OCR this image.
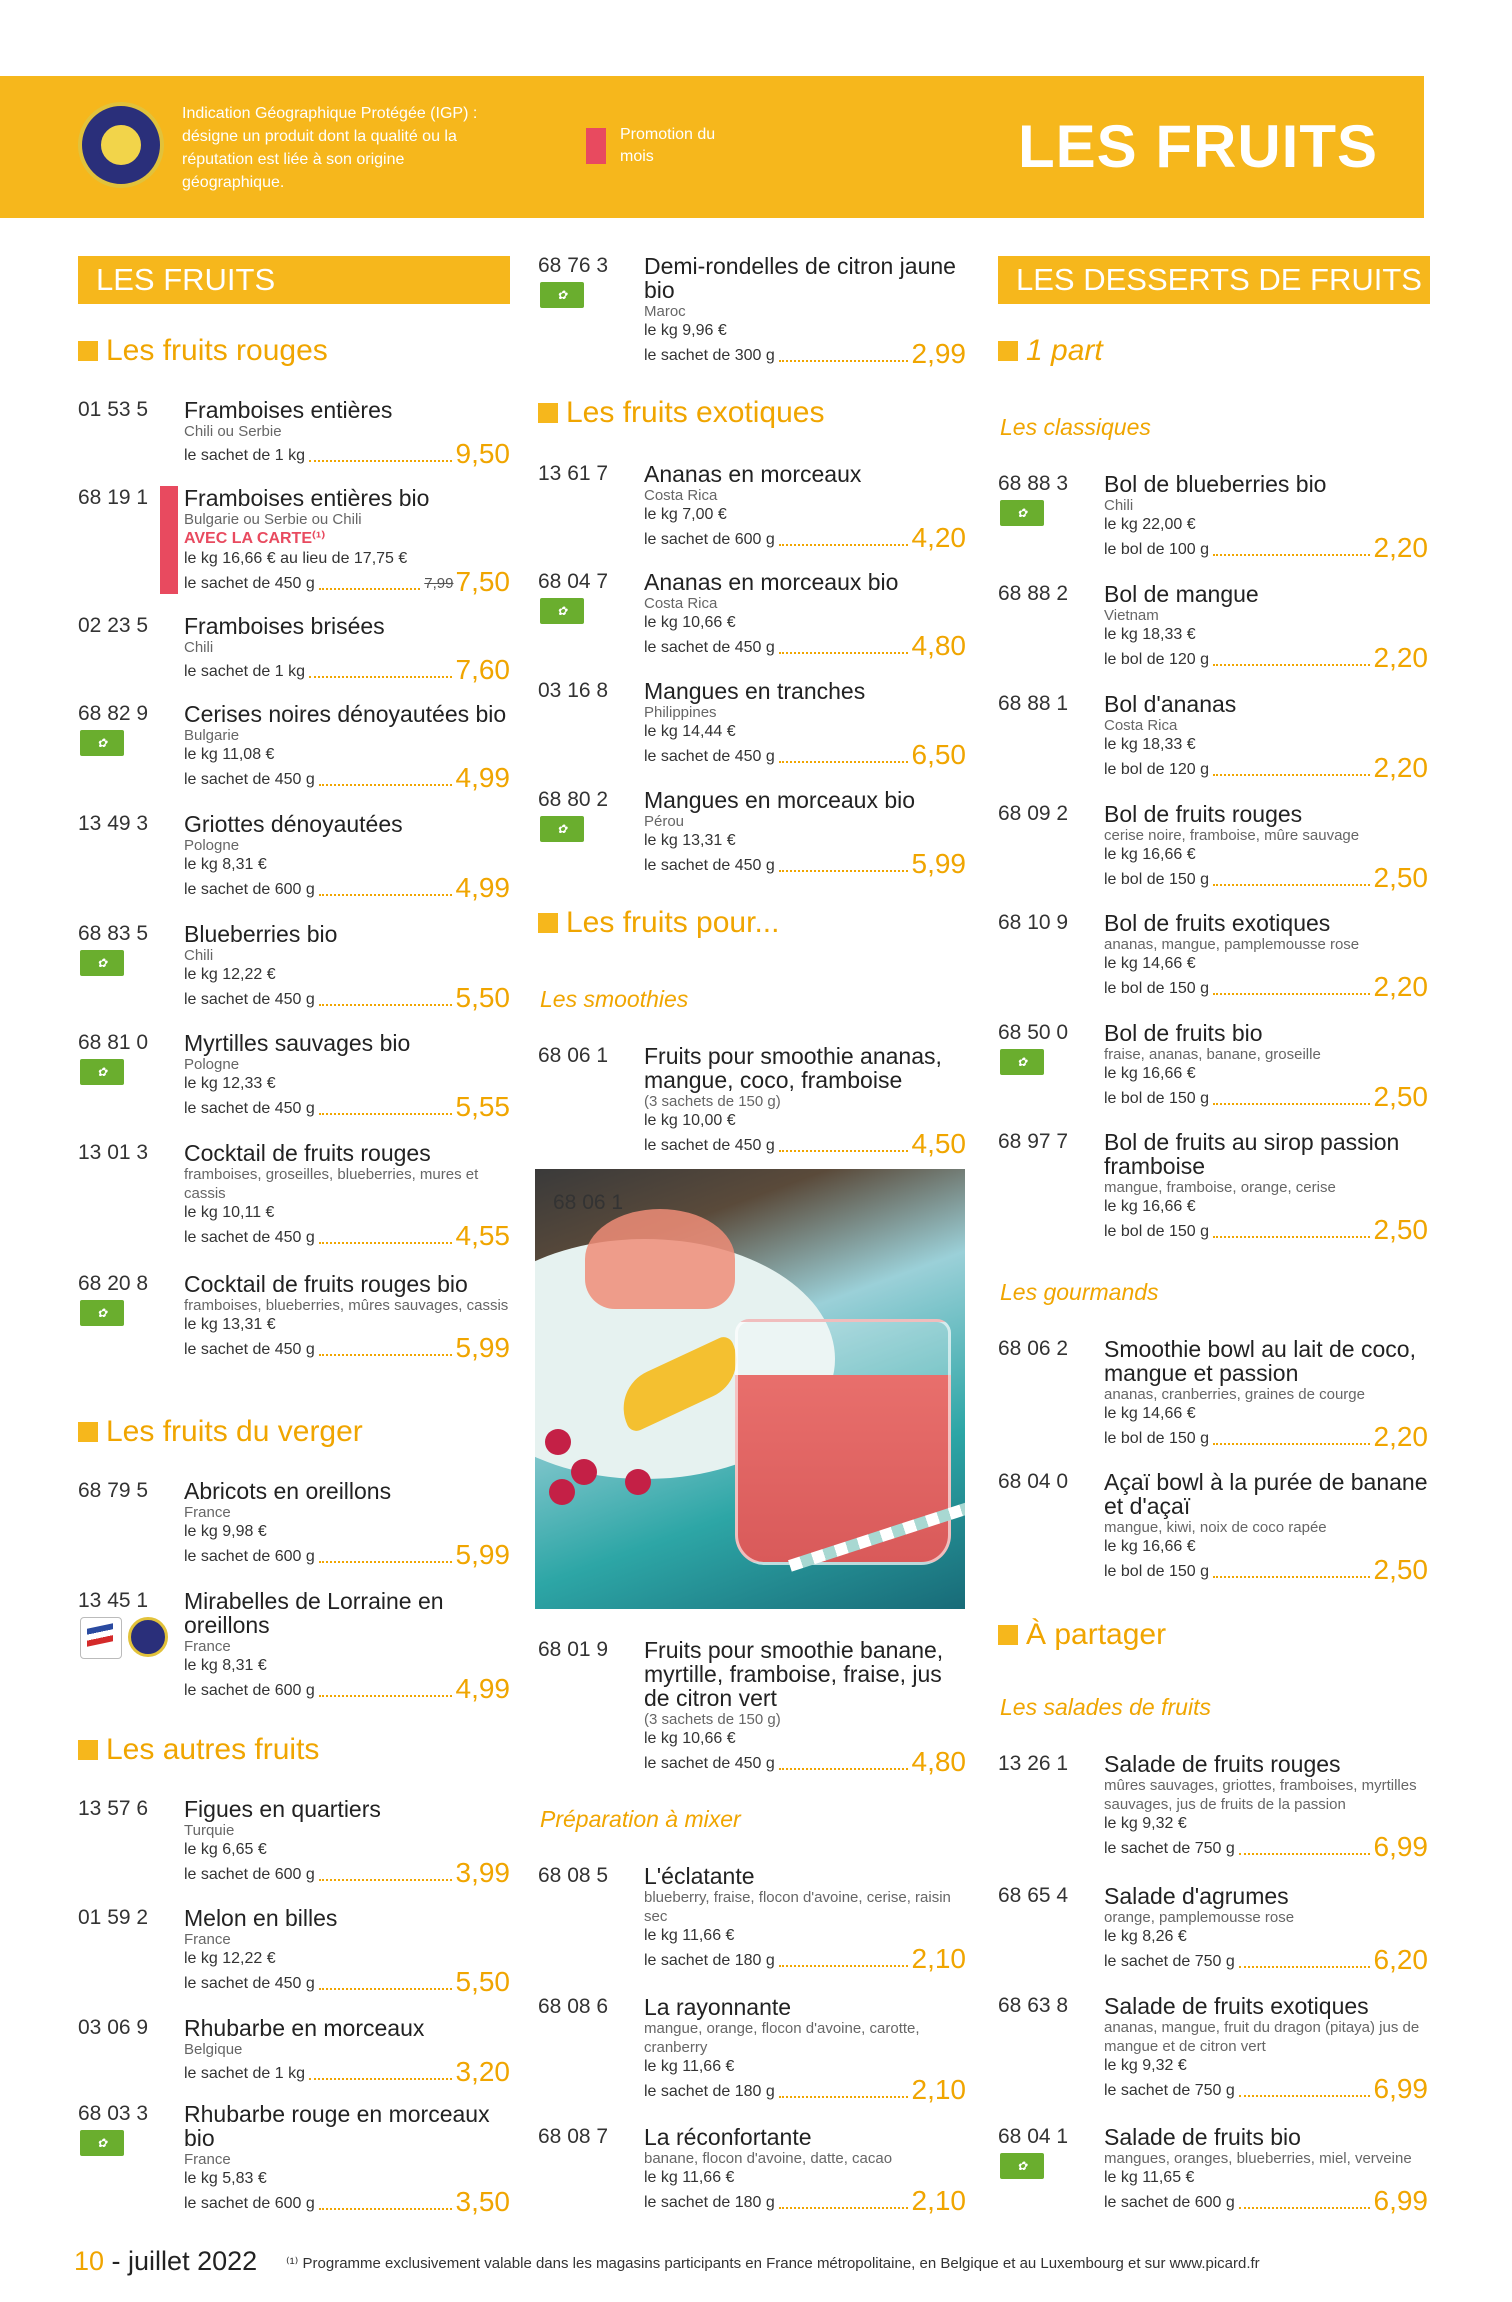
Indication Géographique Protégée (IGP) : désigne un produit dont la qualité ou la réputation est liée à son origine géographique.
Promotion du mois	LES FRUITS
LES FRUITS
Les fruits rouges
01 53 5 Framboises entières
Chili ou Serbie
le sachet de 1 kg	9,50
68 19 1 Framboises entières bio
Bulgarie ou Serbie ou Chili
AVEC LA CARTE⁽¹⁾
le kg 16,66 € au lieu de 17,75 €
le sachet de 450 g	7,99 7,50
02 23 5 Framboises brisées
Chili
le sachet de 1 kg	7,60
68 82 9
✿
Cerises noires dénoyautées bio
Bulgarie
le kg 11,08 €
le sachet de 450 g	4,99
13 49 3 Griottes dénoyautées
Pologne
le kg 8,31 €
le sachet de 600 g	4,99
68 83 5
✿
Blueberries bio
Chili
le kg 12,22 €
le sachet de 450 g	5,50
68 81 0
✿
Myrtilles sauvages bio
Pologne
le kg 12,33 €
le sachet de 450 g	5,55
13 01 3 Cocktail de fruits rouges
framboises, groseilles, blueberries, mures et cassis
le kg 10,11 €
le sachet de 450 g	4,55
68 20 8
✿
Cocktail de fruits rouges bio
framboises, blueberries, mûres sauvages, cassis
le kg 13,31 €
le sachet de 450 g	5,99
Les fruits du verger
68 79 5 Abricots en oreillons
France
le kg 9,98 €
le sachet de 600 g	5,99
13 45 1 Mirabelles de Lorraine en oreillons
France
le kg 8,31 €
le sachet de 600 g	4,99
Les autres fruits
13 57 6 Figues en quartiers
Turquie
le kg 6,65 €
le sachet de 600 g	3,99
01 59 2 Melon en billes
France
le kg 12,22 €
le sachet de 450 g	5,50
03 06 9 Rhubarbe en morceaux
Belgique
le sachet de 1 kg	3,20
68 03 3
✿
Rhubarbe rouge en morceaux bio
France
le kg 5,83 €
le sachet de 600 g	3,50
68 76 3
✿
Demi-rondelles de citron jaune bio
Maroc
le kg 9,96 €
le sachet de 300 g	2,99
Les fruits exotiques
13 61 7 Ananas en morceaux
Costa Rica
le kg 7,00 €
le sachet de 600 g	4,20
68 04 7
✿
Ananas en morceaux bio
Costa Rica
le kg 10,66 €
le sachet de 450 g	4,80
03 16 8 Mangues en tranches
Philippines
le kg 14,44 €
le sachet de 450 g	6,50
68 80 2
✿
Mangues en morceaux bio
Pérou
le kg 13,31 €
le sachet de 450 g	5,99
Les fruits pour...
Les smoothies
68 06 1 Fruits pour smoothie ananas, mangue, coco, framboise
(3 sachets de 150 g)
le kg 10,00 €
le sachet de 450 g	4,50
68 06 1
68 01 9 Fruits pour smoothie banane, myrtille, framboise, fraise, jus de citron vert
(3 sachets de 150 g)
le kg 10,66 €
le sachet de 450 g	4,80
Préparation à mixer
68 08 5 L'éclatante
blueberry, fraise, flocon d'avoine, cerise, raisin sec
le kg 11,66 €
le sachet de 180 g	2,10
68 08 6 La rayonnante
mangue, orange, flocon d'avoine, carotte, cranberry
le kg 11,66 €
le sachet de 180 g	2,10
68 08 7 La réconfortante
banane, flocon d'avoine, datte, cacao
le kg 11,66 €
le sachet de 180 g	2,10
LES DESSERTS DE FRUITS
1 part
Les classiques
68 88 3
✿
Bol de blueberries bio
Chili
le kg 22,00 €
le bol de 100 g	2,20
68 88 2 Bol de mangue
Vietnam
le kg 18,33 €
le bol de 120 g	2,20
68 88 1 Bol d'ananas
Costa Rica
le kg 18,33 €
le bol de 120 g	2,20
68 09 2 Bol de fruits rouges
cerise noire, framboise, mûre sauvage
le kg 16,66 €
le bol de 150 g	2,50
68 10 9 Bol de fruits exotiques
ananas, mangue, pamplemousse rose
le kg 14,66 €
le bol de 150 g	2,20
68 50 0
✿
Bol de fruits bio
fraise, ananas, banane, groseille
le kg 16,66 €
le bol de 150 g	2,50
68 97 7 Bol de fruits au sirop passion framboise
mangue, framboise, orange, cerise
le kg 16,66 €
le bol de 150 g	2,50
Les gourmands
68 06 2 Smoothie bowl au lait de coco, mangue et passion
ananas, cranberries, graines de courge
le kg 14,66 €
le bol de 150 g	2,20
68 04 0 Açaï bowl à la purée de banane et d'açaï
mangue, kiwi, noix de coco rapée
le kg 16,66 €
le bol de 150 g	2,50
À partager
Les salades de fruits
13 26 1 Salade de fruits rouges
mûres sauvages, griottes, framboises, myrtilles sauvages, jus de fruits de la passion
le kg 9,32 €
le sachet de 750 g	6,99
68 65 4 Salade d'agrumes
orange, pamplemousse rose
le kg 8,26 €
le sachet de 750 g	6,20
68 63 8 Salade de fruits exotiques
ananas, mangue, fruit du dragon (pitaya) jus de mangue et de citron vert
le kg 9,32 €
le sachet de 750 g	6,99
68 04 1
✿
Salade de fruits bio
mangues, oranges, blueberries, miel, verveine
le kg 11,65 €
le sachet de 600 g	6,99
10 - juillet 2022 ⁽¹⁾ Programme exclusivement valable dans les magasins participants en France métropolitaine, en Belgique et au Luxembourg et sur www.picard.fr
